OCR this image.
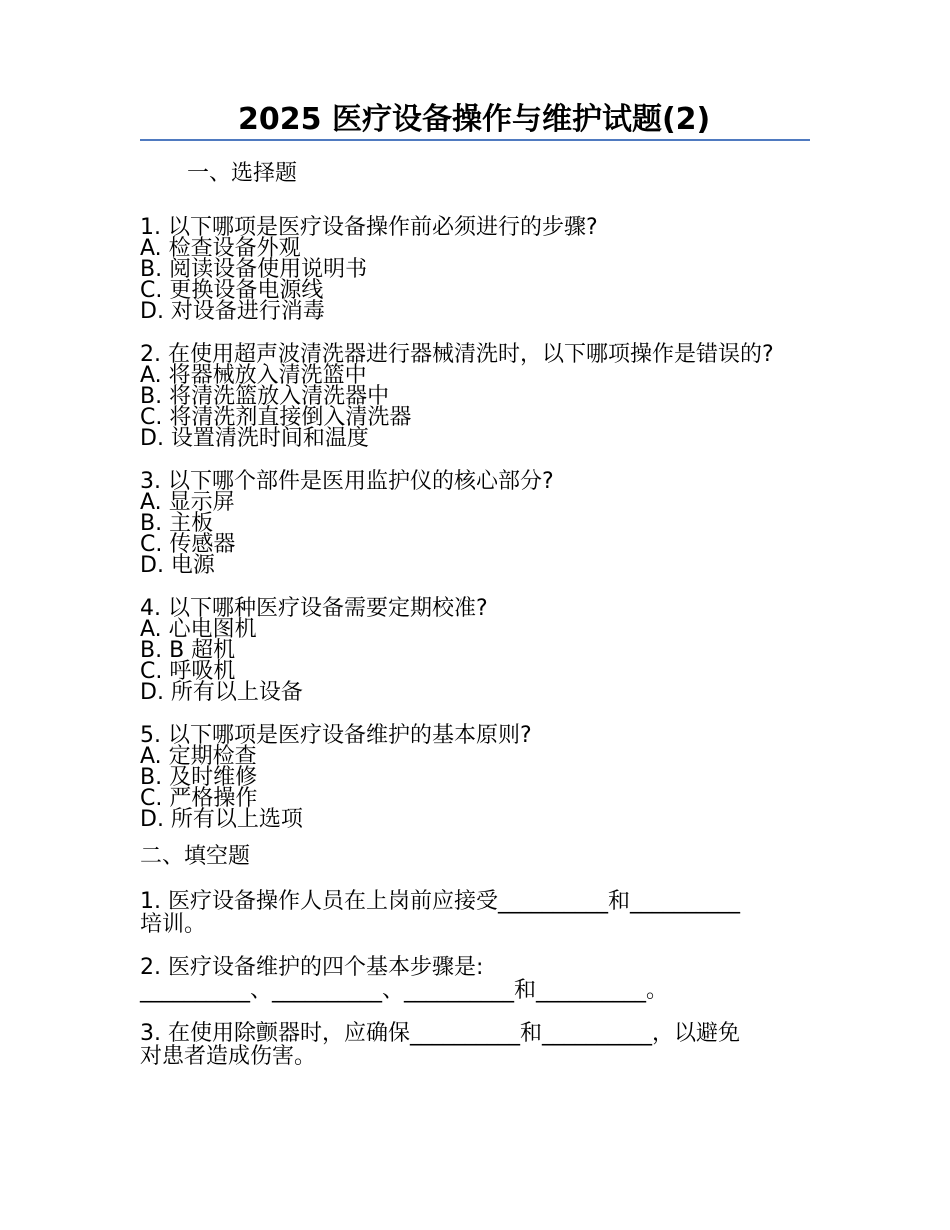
2025 医疗设备操作与维护试题(2)
一、选择题

1. 以下哪项是医疗设备操作前必须进行的步骤?

A. 检查设备外观
B. 阅读设备使用说明书
C. 更换设备电源线
D. 对设备进行消毒

2. 在使用超声波清洗器进行器械清洗时，以下哪项操作是错误的?

A. 将器械放入清洗篮中
B. 将清洗篮放入清洗器中
C. 将清洗剂直接倒入清洗器
D. 设置清洗时间和温度

3. 以下哪个部件是医用监护仪的核心部分?

A. 显示屏
B. 主板
C. 传感器
D. 电源

4. 以下哪种医疗设备需要定期校准?

A. 心电图机
B. B 超机
C. 呼吸机
D. 所有以上设备

5. 以下哪项是医疗设备维护的基本原则?

A. 定期检查
B. 及时维修
C. 严格操作
D. 所有以上选项
二、填空题

1. 医疗设备操作人员在上岗前应接受__________和__________
培训。

2. 医疗设备维护的四个基本步骤是:
__________、__________、__________和__________。

3. 在使用除颤器时，应确保__________和__________，以避免
对患者造成伤害。
